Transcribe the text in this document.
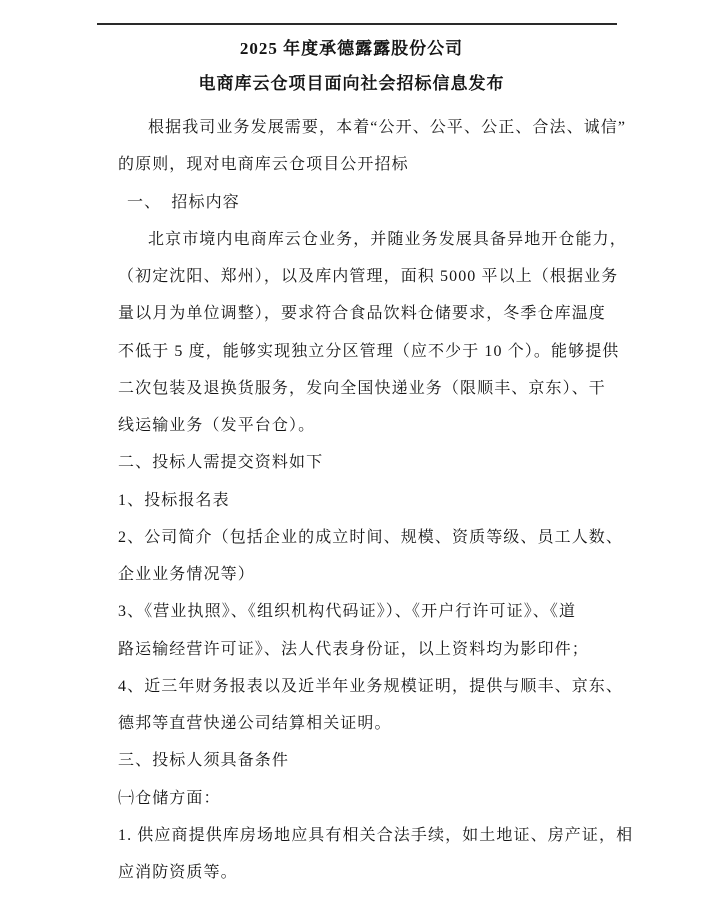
2025 年度承德露露股份公司
电商库云仓项目面向社会招标信息发布
根据我司业务发展需要，本着“公开、公平、公正、合法、诚信”
的原则，现对电商库云仓项目公开招标
一、  招标内容
北京市境内电商库云仓业务，并随业务发展具备异地开仓能力，
（初定沈阳、郑州），以及库内管理，面积 5000 平以上（根据业务
量以月为单位调整），要求符合食品饮料仓储要求，冬季仓库温度
不低于 5 度，能够实现独立分区管理（应不少于 10 个）。能够提供
二次包装及退换货服务，发向全国快递业务（限顺丰、京东）、干
线运输业务（发平台仓）。
二、投标人需提交资料如下
1、投标报名表
2、公司简介（包括企业的成立时间、规模、资质等级、员工人数、
企业业务情况等）
3、《营业执照》、《组织机构代码证》）、《开户行许可证》、《道
路运输经营许可证》、法人代表身份证，以上资料均为影印件；
4、近三年财务报表以及近半年业务规模证明，提供与顺丰、京东、
德邦等直营快递公司结算相关证明。
三、投标人须具备条件
㈠仓储方面：
1. 供应商提供库房场地应具有相关合法手续，如土地证、房产证，相
应消防资质等。
